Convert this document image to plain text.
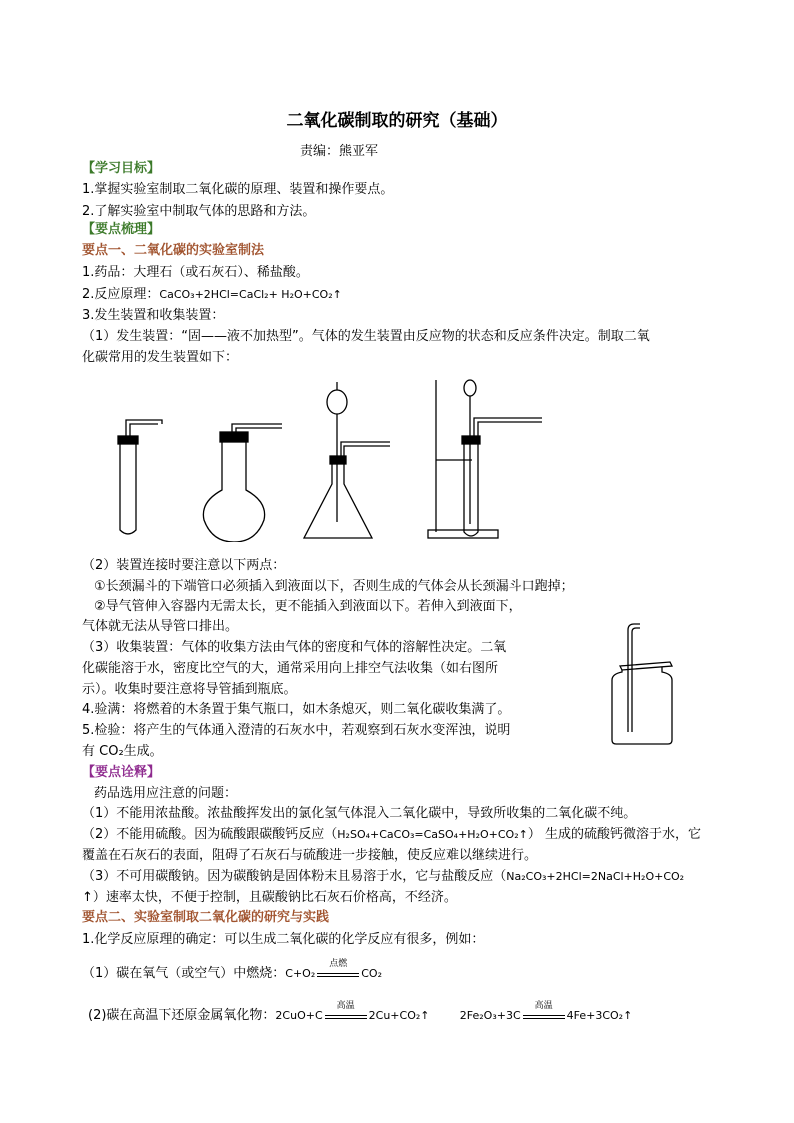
二氧化碳制取的研究（基础）
责编：熊亚军
【学习目标】
1.掌握实验室制取二氧化碳的原理、装置和操作要点。
2.了解实验室中制取气体的思路和方法。
【要点梳理】
要点一、二氧化碳的实验室制法
1.药品：大理石（或石灰石）、稀盐酸。
2.反应原理：CaCO₃+2HCl=CaCl₂+ H₂O+CO₂↑
3.发生装置和收集装置：
（1）发生装置：“固——液不加热型”。气体的发生装置由反应物的状态和反应条件决定。制取二氧
化碳常用的发生装置如下：
（2）装置连接时要注意以下两点：
①长颈漏斗的下端管口必须插入到液面以下，否则生成的气体会从长颈漏斗口跑掉；
②导气管伸入容器内无需太长，更不能插入到液面以下。若伸入到液面下，
气体就无法从导管口排出。
（3）收集装置：气体的收集方法由气体的密度和气体的溶解性决定。二氧
化碳能溶于水，密度比空气的大，通常采用向上排空气法收集（如右图所
示）。收集时要注意将导管插到瓶底。
4.验满：将燃着的木条置于集气瓶口，如木条熄灭，则二氧化碳收集满了。
5.检验：将产生的气体通入澄清的石灰水中，若观察到石灰水变浑浊，说明
有 CO₂生成。
【要点诠释】
药品选用应注意的问题：
（1）不能用浓盐酸。浓盐酸挥发出的氯化氢气体混入二氧化碳中，导致所收集的二氧化碳不纯。
（2）不能用硫酸。因为硫酸跟碳酸钙反应（H₂SO₄+CaCO₃=CaSO₄+H₂O+CO₂↑） 生成的硫酸钙微溶于水，它
覆盖在石灰石的表面，阻碍了石灰石与硫酸进一步接触，使反应难以继续进行。
（3）不可用碳酸钠。因为碳酸钠是固体粉末且易溶于水，它与盐酸反应（Na₂CO₃+2HCl=2NaCl+H₂O+CO₂
↑）速率太快，不便于控制，且碳酸钠比石灰石价格高，不经济。
要点二、实验室制取二氧化碳的研究与实践
1.化学反应原理的确定：可以生成二氧化碳的化学反应有很多，例如：
（1）碳在氧气（或空气）中燃烧：C+O₂
点燃
CO₂
(2)碳在高温下还原金属氧化物：2CuO+C
高温
2Cu+CO₂↑	2Fe₂O₃+3C
高温
4Fe+3CO₂↑
